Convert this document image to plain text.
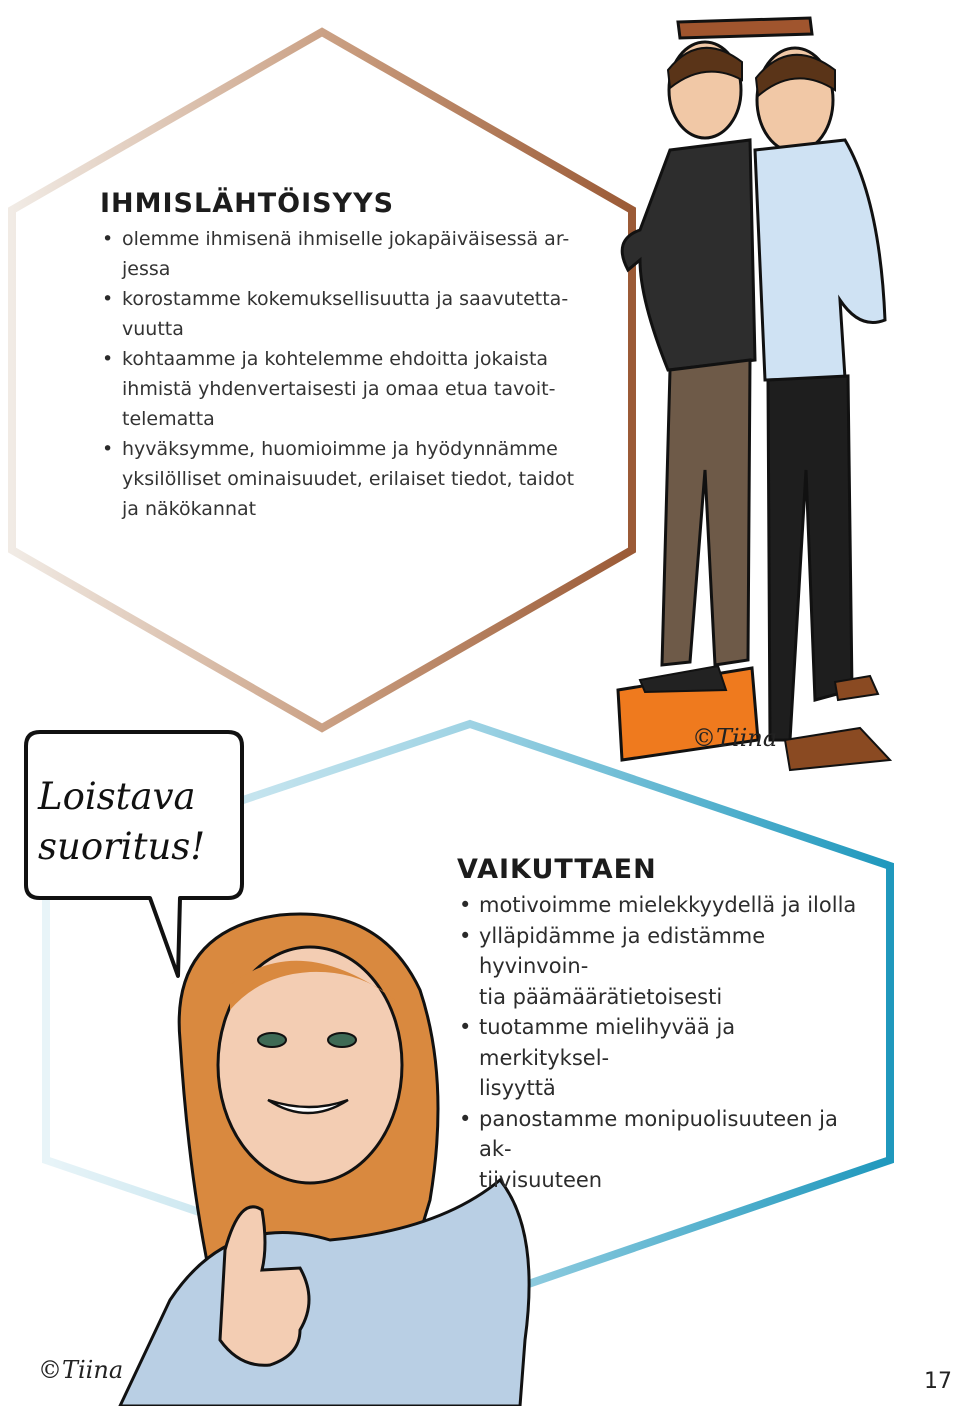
©Tiina
Loistava
suoritus!
©Tiina
IHMISLÄHTÖISYYS
• olemme ihmisenä ihmiselle jokapäiväisessä ar-
jessa
• korostamme kokemuksellisuutta ja saavutetta-
vuutta
• kohtaamme ja kohtelemme ehdoitta jokaista
ihmistä yhdenvertaisesti ja omaa etua tavoit-
telematta
• hyväksymme, huomioimme ja hyödynnämme
yksilölliset ominaisuudet, erilaiset tiedot, taidot
ja näkökannat
VAIKUTTAEN
• motivoimme mielekkyydellä ja ilolla
• ylläpidämme ja edistämme hyvinvoin-
tia päämäärätietoisesti
• tuotamme mielihyvää ja merkityksel-
lisyyttä
• panostamme monipuolisuuteen ja ak-
tiivisuuteen
17
